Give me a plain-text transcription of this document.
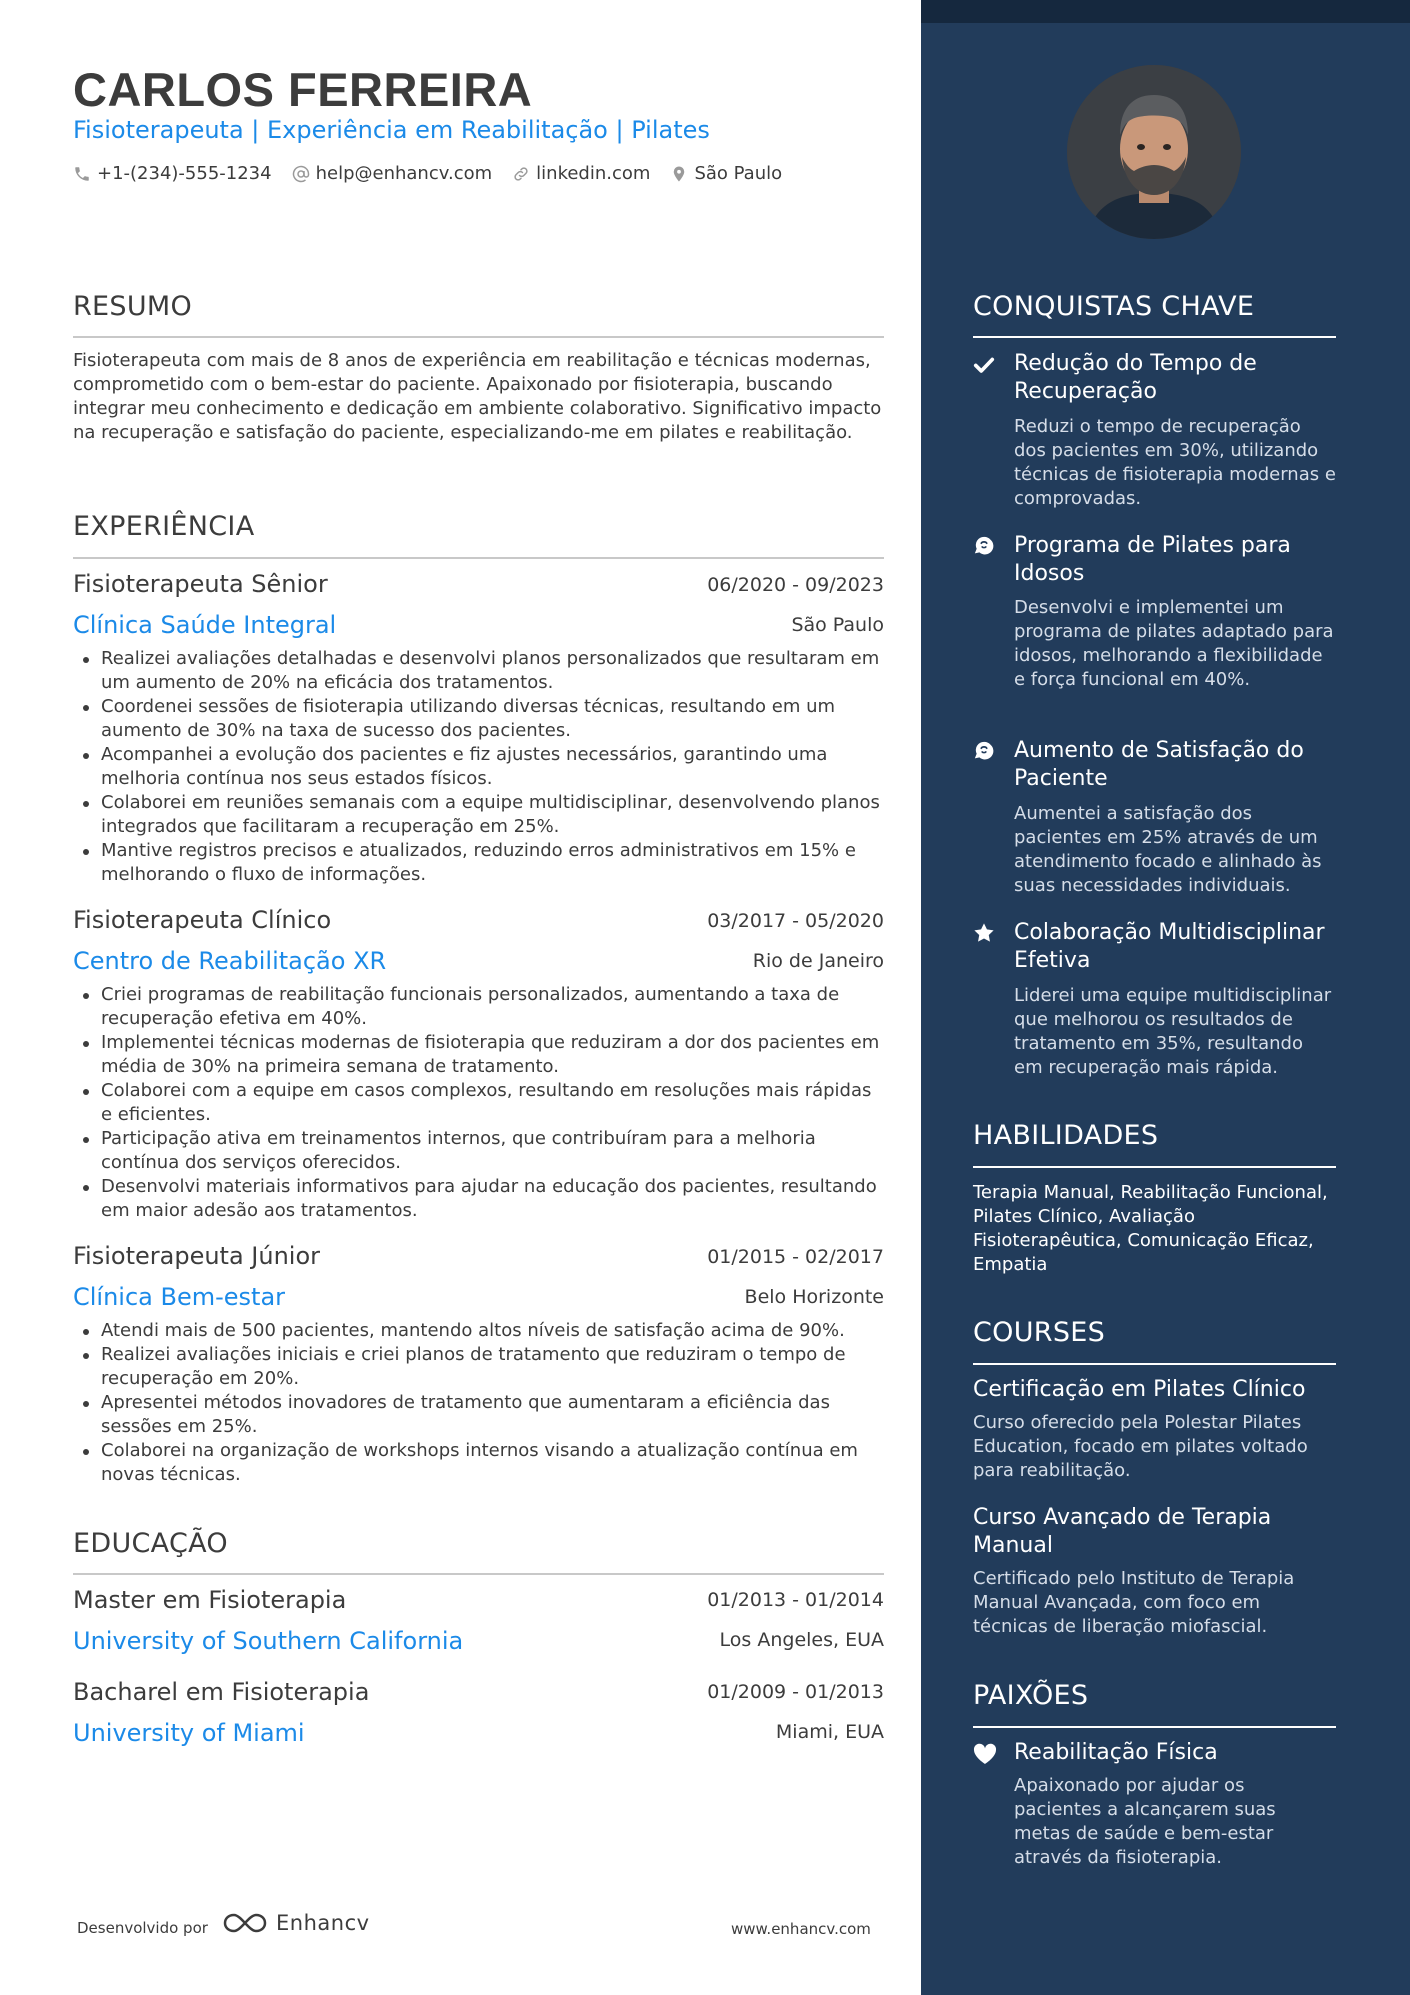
CARLOS FERREIRA
Fisioterapeuta | Experiência em Reabilitação | Pilates
+1-(234)-555-1234 help@enhancv.com linkedin.com São Paulo
RESUMO
Fisioterapeuta com mais de 8 anos de experiência em reabilitação e técnicas modernas, comprometido com o bem-estar do paciente. Apaixonado por fisioterapia, buscando integrar meu conhecimento e dedicação em ambiente colaborativo. Significativo impacto na recuperação e satisfação do paciente, especializando-me em pilates e reabilitação.
EXPERIÊNCIA
Fisioterapeuta Sênior	06/2020 - 09/2023
Clínica Saúde Integral	São Paulo
Realizei avaliações detalhadas e desenvolvi planos personalizados que resultaram em um aumento de 20% na eficácia dos tratamentos.
Coordenei sessões de fisioterapia utilizando diversas técnicas, resultando em um aumento de 30% na taxa de sucesso dos pacientes.
Acompanhei a evolução dos pacientes e fiz ajustes necessários, garantindo uma melhoria contínua nos seus estados físicos.
Colaborei em reuniões semanais com a equipe multidisciplinar, desenvolvendo planos integrados que facilitaram a recuperação em 25%.
Mantive registros precisos e atualizados, reduzindo erros administrativos em 15% e melhorando o fluxo de informações.
Fisioterapeuta Clínico	03/2017 - 05/2020
Centro de Reabilitação XR	Rio de Janeiro
Criei programas de reabilitação funcionais personalizados, aumentando a taxa de recuperação efetiva em 40%.
Implementei técnicas modernas de fisioterapia que reduziram a dor dos pacientes em média de 30% na primeira semana de tratamento.
Colaborei com a equipe em casos complexos, resultando em resoluções mais rápidas e eficientes.
Participação ativa em treinamentos internos, que contribuíram para a melhoria contínua dos serviços oferecidos.
Desenvolvi materiais informativos para ajudar na educação dos pacientes, resultando em maior adesão aos tratamentos.
Fisioterapeuta Júnior	01/2015 - 02/2017
Clínica Bem-estar	Belo Horizonte
Atendi mais de 500 pacientes, mantendo altos níveis de satisfação acima de 90%.
Realizei avaliações iniciais e criei planos de tratamento que reduziram o tempo de recuperação em 20%.
Apresentei métodos inovadores de tratamento que aumentaram a eficiência das sessões em 25%.
Colaborei na organização de workshops internos visando a atualização contínua em novas técnicas.
EDUCAÇÃO
Master em Fisioterapia	01/2013 - 01/2014
University of Southern California	Los Angeles, EUA
Bacharel em Fisioterapia	01/2009 - 01/2013
University of Miami	Miami, EUA
Desenvolvido por	Enhancv	www.enhancv.com
CONQUISTAS CHAVE
Redução do Tempo de Recuperação
Reduzi o tempo de recuperação dos pacientes em 30%, utilizando técnicas de fisioterapia modernas e comprovadas.
Programa de Pilates para Idosos
Desenvolvi e implementei um programa de pilates adaptado para idosos, melhorando a flexibilidade e força funcional em 40%.
Aumento de Satisfação do Paciente
Aumentei a satisfação dos pacientes em 25% através de um atendimento focado e alinhado às suas necessidades individuais.
Colaboração Multidisciplinar Efetiva
Liderei uma equipe multidisciplinar que melhorou os resultados de tratamento em 35%, resultando em recuperação mais rápida.
HABILIDADES
Terapia Manual, Reabilitação Funcional, Pilates Clínico, Avaliação Fisioterapêutica, Comunicação Eficaz, Empatia
COURSES
Certificação em Pilates Clínico
Curso oferecido pela Polestar Pilates Education, focado em pilates voltado para reabilitação.
Curso Avançado de Terapia Manual
Certificado pelo Instituto de Terapia Manual Avançada, com foco em técnicas de liberação miofascial.
PAIXÕES
Reabilitação Física
Apaixonado por ajudar os pacientes a alcançarem suas metas de saúde e bem-estar através da fisioterapia.
